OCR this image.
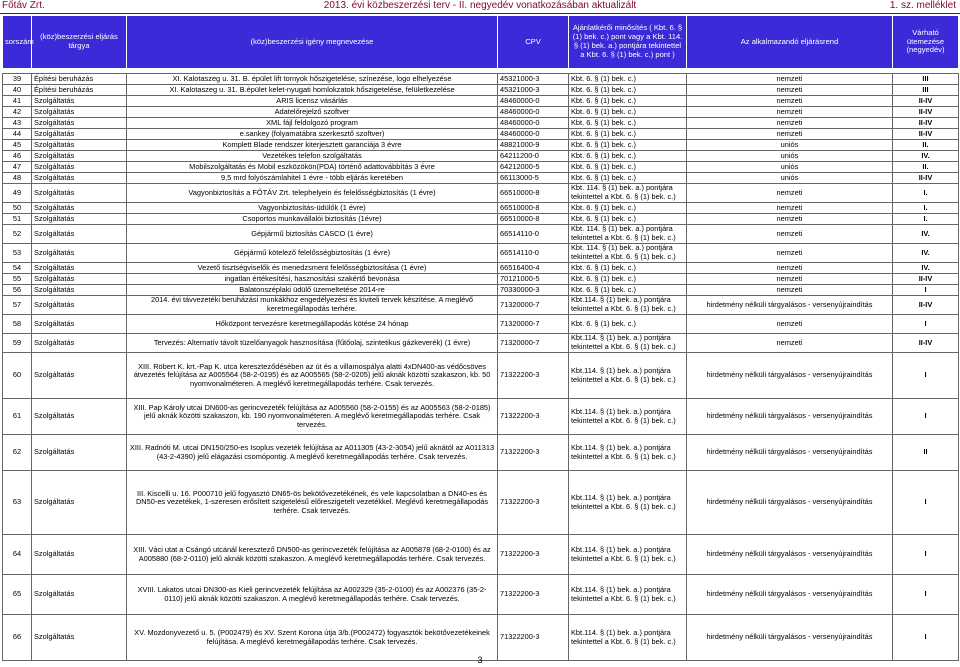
Főtáv Zrt.	2013. évi közbeszerzési terv - II. negyedév vonatkozásában aktualizált	1. sz. melléklet
sorszám	(köz)beszerzési eljárás tárgya	(köz)beszerzési igény megnevezése	CPV	Ajánlatkérői minősítés ( Kbt. 6. § (1) bek. c.) pont vagy a Kbt. 114. § (1) bek. a.) pontjára tekintettel a Kbt. 6. § (1) bek. c.) pont )	Az alkalmazandó eljárásrend	Várható ütemezése (negyedév)

39	Építési beruházás	XI. Kalotaszeg u. 31. B. épület lift tornyok hőszigetelése, színezése, logo elhelyezése	45321000-3	Kbt. 6. § (1) bek. c.)	nemzeti	III
40	Építési beruházás	XI. Kalotaszeg u. 31. B.épület kelet-nyugati homlokzatok hőszigetelése, felületkezelése	45321000-3	Kbt. 6. § (1) bek. c.)	nemzeti	III
41	Szolgáltatás	ARIS licensz vásárlás	48460000-0	Kbt. 6. § (1) bek. c.)	nemzeti	II-IV
42	Szolgáltatás	Adatelőrejelző szoftver	48460000-0	Kbt. 6. § (1) bek. c.)	nemzeti	II-IV
43	Szolgáltatás	XML fájl feldolgozó program	48460000-0	Kbt. 6. § (1) bek. c.)	nemzeti	II-IV
44	Szolgáltatás	e.sankey (folyamatábra szerkesztő szoftver)	48460000-0	Kbt. 6. § (1) bek. c.)	nemzeti	II-IV
45	Szolgáltatás	Komplett Blade rendszer kiterjesztett garanciája 3 évre	48821000-9	Kbt. 6. § (1) bek. c.)	uniós	II.
46	Szolgáltatás	Vezetékes telefon szolgáltatás	64211200-0	Kbt. 6. § (1) bek. c.)	uniós	IV.
47	Szolgáltatás	Mobilszolgáltatás és Mobil eszközökön(PDA) történő adattovábbítás 3 évre	64212000-5	Kbt. 6. § (1) bek. c.)	uniós	II.
48	Szolgáltatás	9,5 mrd folyószámlahitel 1 évre - több eljárás keretében	66113000-5	Kbt. 6. § (1) bek. c.)	uniós	II-IV
49	Szolgáltatás	Vagyonbiztosítás a FŐTÁV Zrt. telephelyein és felelősségbiztosítás (1 évre)	66510000-8	Kbt. 114. § (1) bek. a.) pontjára tekintettel a Kbt. 6. § (1) bek. c.)	nemzeti	I.
50	Szolgáltatás	Vagyonbiztosítás-üdülők (1 évre)	66510000-8	Kbt. 6. § (1) bek. c.)	nemzeti	I.
51	Szolgáltatás	Csoportos munkavállalói biztosítás (1évre)	66510000-8	Kbt. 6. § (1) bek. c.)	nemzeti	I.
52	Szolgáltatás	Gépjármű biztosítás CASCO (1 évre)	66514110-0	Kbt. 114. § (1) bek. a.) pontjára tekintettel a Kbt. 6. § (1) bek. c.)	nemzeti	IV.
53	Szolgáltatás	Gépjármű kötelező felelősségbiztosítás (1 évre)	66514110-0	Kbt. 114. § (1) bek. a.) pontjára tekintettel a Kbt. 6. § (1) bek. c.)	nemzeti	IV.
54	Szolgáltatás	Vezető tisztségviselők és menedzsment felelősségbiztosítása (1 évre)	66516400-4	Kbt. 6. § (1) bek. c.)	nemzeti	IV.
55	Szolgáltatás	ingatlan értékesítési, hasznosítási szakértő bevonása	70121000-5	Kbt. 6. § (1) bek. c.)	nemzeti	II-IV
56	Szolgáltatás	Balatonszéplaki üdülő üzemeltetése 2014-re	70330000-3	Kbt. 6. § (1) bek. c.)	nemzeti	I
57	Szolgáltatás	2014. évi távvezetéki beruházási munkákhoz engedélyezési és kiviteli tervek készítése. A meglévő keretmegállapodás terhére.	71320000-7	Kbt.114. § (1) bek. a.) pontjára tekintettel a Kbt. 6. § (1) bek. c.)	hirdetmény nélküli tárgyalásos - versenyújraindítás	II-IV
58	Szolgáltatás	Hőközpont tervezésre keretmegállapodás kötése 24 hónap	71320000-7	Kbt. 6. § (1) bek. c.)	nemzeti	I
59	Szolgáltatás	Tervezés: Alternatív távolt tüzelőanyagok hasznosítása (fűtőolaj, szintetikus gázkeverék) (1 évre)	71320000-7	Kbt.114. § (1) bek. a.) pontjára tekintettel a Kbt. 6. § (1) bek. c.)	nemzeti	II-IV
60	Szolgáltatás	XIII. Röbert K. krt.-Pap K. utca kereszteződésében az út és a villamospálya alatti 4xDN400-as védőcsöves átvezetés felújítása az A005564 (58-2-0195) és az A005565 (58-2-0205) jelű aknák közötti szakaszon, kb. 50 nyomvonalméteren. A meglévő keretmegállapodás terhére. Csak tervezés.	71322200-3	Kbt.114. § (1) bek. a.) pontjára tekintettel a Kbt. 6. § (1) bek. c.)	hirdetmény nélküli tárgyalásos - versenyújraindítás	I
61	Szolgáltatás	XIII. Pap Károly utcai DN600-as gerincvezeték felújítása az A005560 (58-2-0155) és az A005563 (58-2-0185) jelű aknák közötti szakaszon, kb. 190 nyomvonalméteren. A meglévő keretmegállapodás terhére. Csak tervezés.	71322200-3	Kbt.114. § (1) bek. a.) pontjára tekintettel a Kbt. 6. § (1) bek. c.)	hirdetmény nélküli tárgyalásos - versenyújraindítás	I
62	Szolgáltatás	XIII. Radnóti M. utcai DN150/250-es Isoplus vezeték felújítása az A011305 (43-2-3054) jelű aknától az A011313 (43-2-4390) jelű elágazási csomópontig. A meglévő keretmegállapodás terhére. Csak tervezés.	71322200-3	Kbt.114. § (1) bek. a.) pontjára tekintettel a Kbt. 6. § (1) bek. c.)	hirdetmény nélküli tárgyalásos - versenyújraindítás	II
63	Szolgáltatás	III. Kiscelli u. 16. P000710 jelű fogyasztó DN65-ös bekötővezetékének, és vele kapcsolatban a DN40-es és DN50-es vezetékek, 1-szeresen erősített szigetelésű előreszigetelt vezetékkel. Meglévő keretmegállapodás terhére. Csak tervezés.	71322200-3	Kbt.114. § (1) bek. a.) pontjára tekintettel a Kbt. 6. § (1) bek. c.)	hirdetmény nélküli tárgyalásos - versenyújraindítás	I
64	Szolgáltatás	XIII. Váci utat a Csángó utcánál keresztező DN500-as gerincvezeték felújítása az A005878 (68-2-0100) és az A005880 (68-2-0110) jelű aknák közötti szakaszon. A meglévő keretmegállapodás terhére. Csak tervezés.	71322200-3	Kbt.114. § (1) bek. a.) pontjára tekintettel a Kbt. 6. § (1) bek. c.)	hirdetmény nélküli tárgyalásos - versenyújraindítás	I
65	Szolgáltatás	XVIII. Lakatos utcai DN300-as Kieli gerincvezeték felújítása az A002329 (35-2-0100) és az A002376 (35-2-0110) jelű aknák közötti szakaszon. A meglévő keretmegállapodás terhére. Csak tervezés.	71322200-3	Kbt.114. § (1) bek. a.) pontjára tekintettel a Kbt. 6. § (1) bek. c.)	hirdetmény nélküli tárgyalásos - versenyújraindítás	I
66	Szolgáltatás	XV. Mozdonyvezető u. 5. (P002479) és XV. Szent Korona útja 3/b.(P002472) fogyasztók bekötővezetékeinek felújítása. A meglévő keretmegállapodás terhére. Csak tervezés.	71322200-3	Kbt.114. § (1) bek. a.) pontjára tekintettel a Kbt. 6. § (1) bek. c.)	hirdetmény nélküli tárgyalásos - versenyújraindítás	I
3
